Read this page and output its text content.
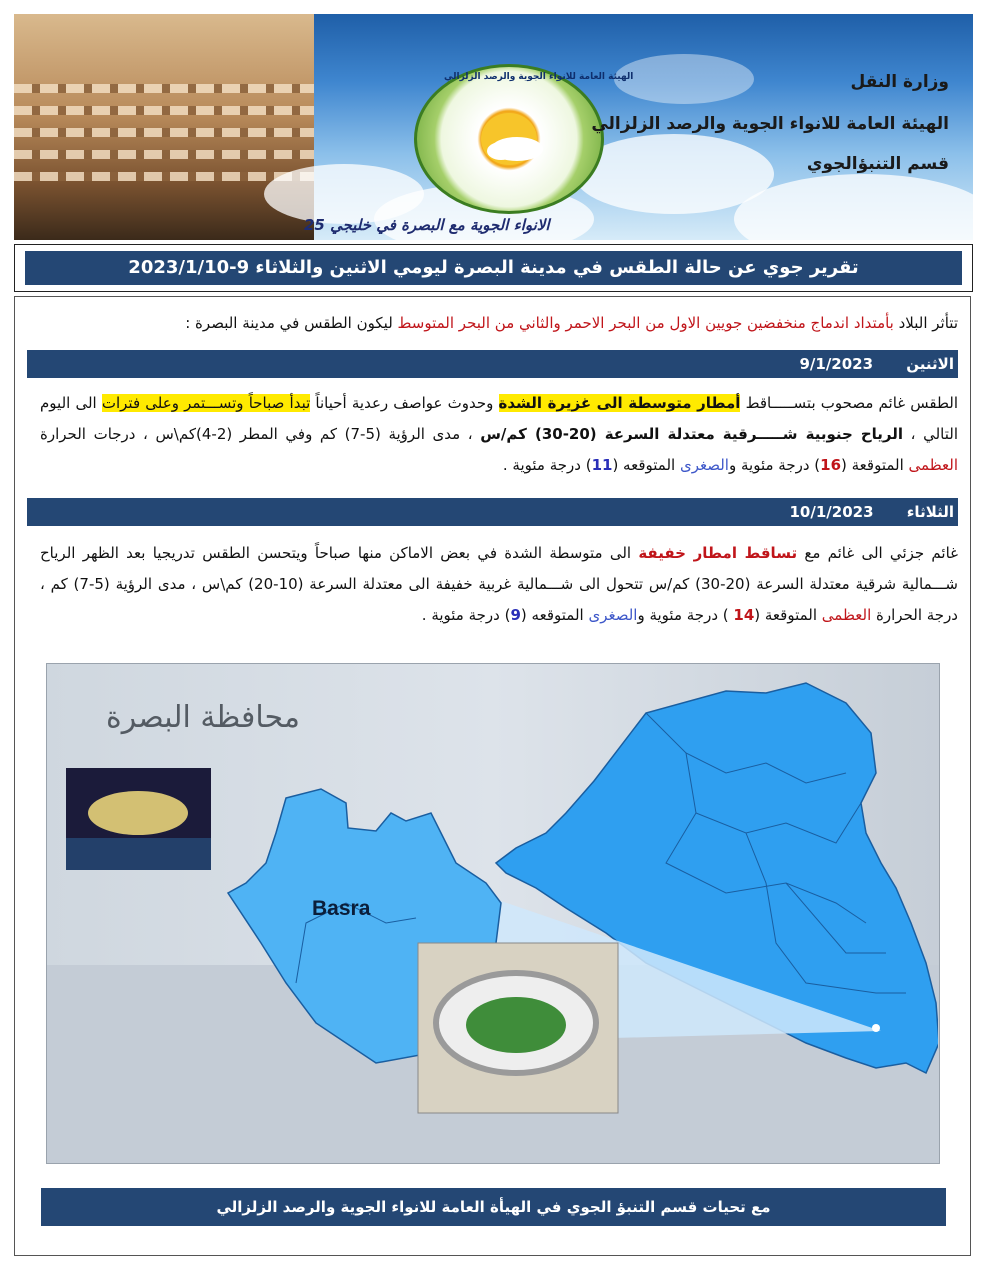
الهيئة العامة للانواء الجوية والرصد الزلزالي	وزارة النقل
الهيئة العامة للانواء الجوية والرصد الزلزالي
قسم التنبؤالجوي
الانواء الجوية مع البصرة في خليجي 25
تقرير جوي عن حالة الطقس في مدينة البصرة ليومي الاثنين والثلاثاء 9-2023/1/10
تتأثر البلاد بأمتداد اندماج منخفضين جويين الاول من البحر الاحمر والثاني من البحر المتوسط ليكون الطقس في مدينة البصرة :
الاثنين 9/1/2023
الطقس غائم مصحوب بتســـــاقط أمطار متوسطة الى غزيرة الشدة وحدوث عواصف رعدية أحياناً تبدأ صباحاً وتســـتمر وعلى فترات الى اليوم التالي ، الرياح جنوبية شـــــرقية معتدلة السرعة (20-30) كم/س ، مدى الرؤية (5-7) كم وفي المطر (2-4)كم\س ، درجات الحرارة العظمى المتوقعة (16) درجة مئوية والصغرى المتوقعه (11) درجة مئوية .
الثلاثاء 10/1/2023
غائم جزئي الى غائم مع تساقط امطار خفيفة الى متوسطة الشدة في بعض الاماكن منها صباحاً ويتحسن الطقس تدريجيا بعد الظهر الرياح شـــمالية شرقية معتدلة السرعة (20-30) كم/س تتحول الى شـــمالية غربية خفيفة الى معتدلة السرعة (10-20) كم\س ، مدى الرؤية (5-7) كم ، درجة الحرارة العظمى المتوقعة (14 ) درجة مئوية والصغرى المتوقعه (9) درجة مئوية .
محافظة البصرة
Basra
مع تحيات قسم التنبؤ الجوي في الهيأة العامة للانواء الجوية والرصد الزلزالي
